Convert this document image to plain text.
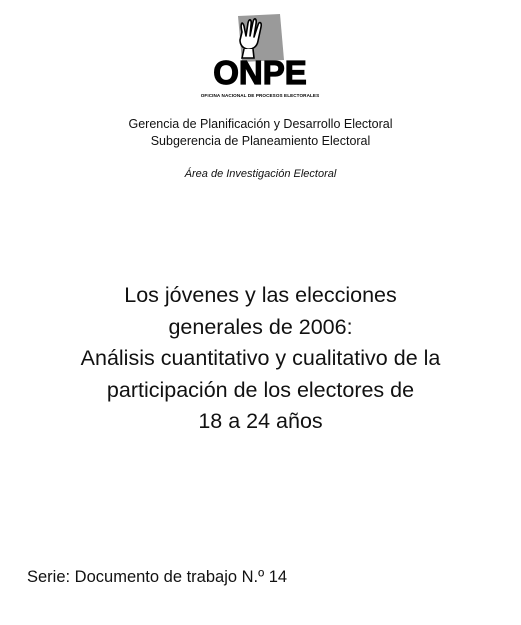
ONPE
OFICINA NACIONAL DE PROCESOS ELECTORALES
Gerencia de Planificación y Desarrollo Electoral
Subgerencia de Planeamiento Electoral
Área de Investigación Electoral
Los jóvenes y las elecciones
generales de 2006:
Análisis cuantitativo y cualitativo de la
participación de los electores de
18 a 24 años
Serie: Documento de trabajo N.º 14
